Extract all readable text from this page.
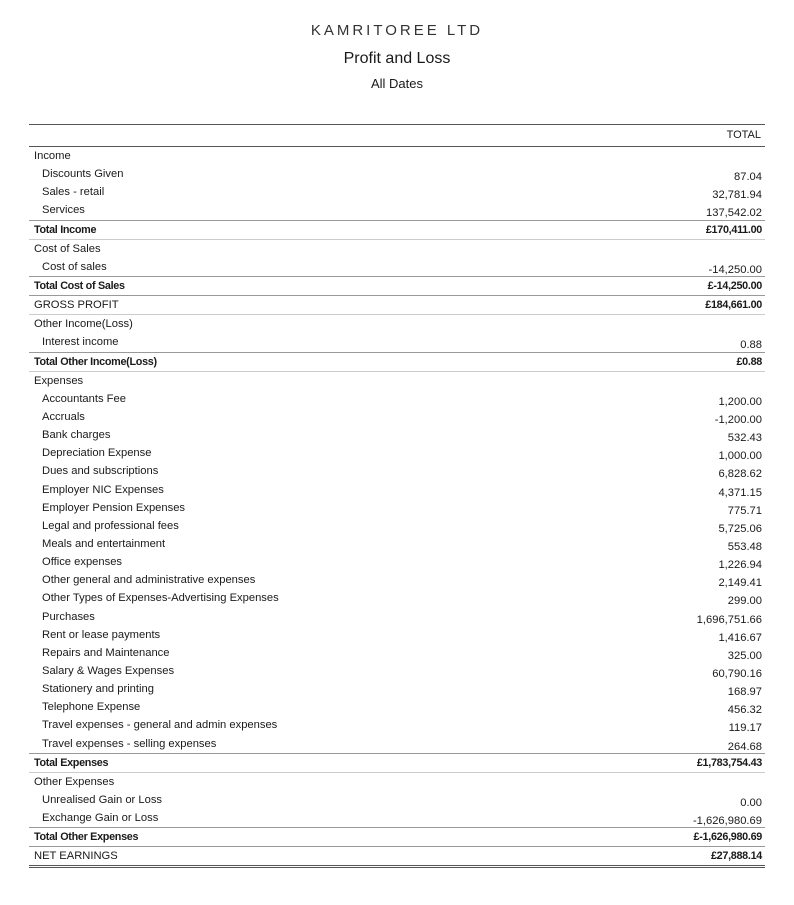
KAMRITOREE LTD
Profit and Loss
All Dates
TOTAL
Income
Discounts Given	87.04
Sales - retail	32,781.94
Services	137,542.02
Total Income	£170,411.00
Cost of Sales
Cost of sales	-14,250.00
Total Cost of Sales	£-14,250.00
GROSS PROFIT	£184,661.00
Other Income(Loss)
Interest income	0.88
Total Other Income(Loss)	£0.88
Expenses
Accountants Fee	1,200.00
Accruals	-1,200.00
Bank charges	532.43
Depreciation Expense	1,000.00
Dues and subscriptions	6,828.62
Employer NIC Expenses	4,371.15
Employer Pension Expenses	775.71
Legal and professional fees	5,725.06
Meals and entertainment	553.48
Office expenses	1,226.94
Other general and administrative expenses	2,149.41
Other Types of Expenses-Advertising Expenses	299.00
Purchases	1,696,751.66
Rent or lease payments	1,416.67
Repairs and Maintenance	325.00
Salary & Wages Expenses	60,790.16
Stationery and printing	168.97
Telephone Expense	456.32
Travel expenses - general and admin expenses	119.17
Travel expenses - selling expenses	264.68
Total Expenses	£1,783,754.43
Other Expenses
Unrealised Gain or Loss	0.00
Exchange Gain or Loss	-1,626,980.69
Total Other Expenses	£-1,626,980.69
NET EARNINGS	£27,888.14
